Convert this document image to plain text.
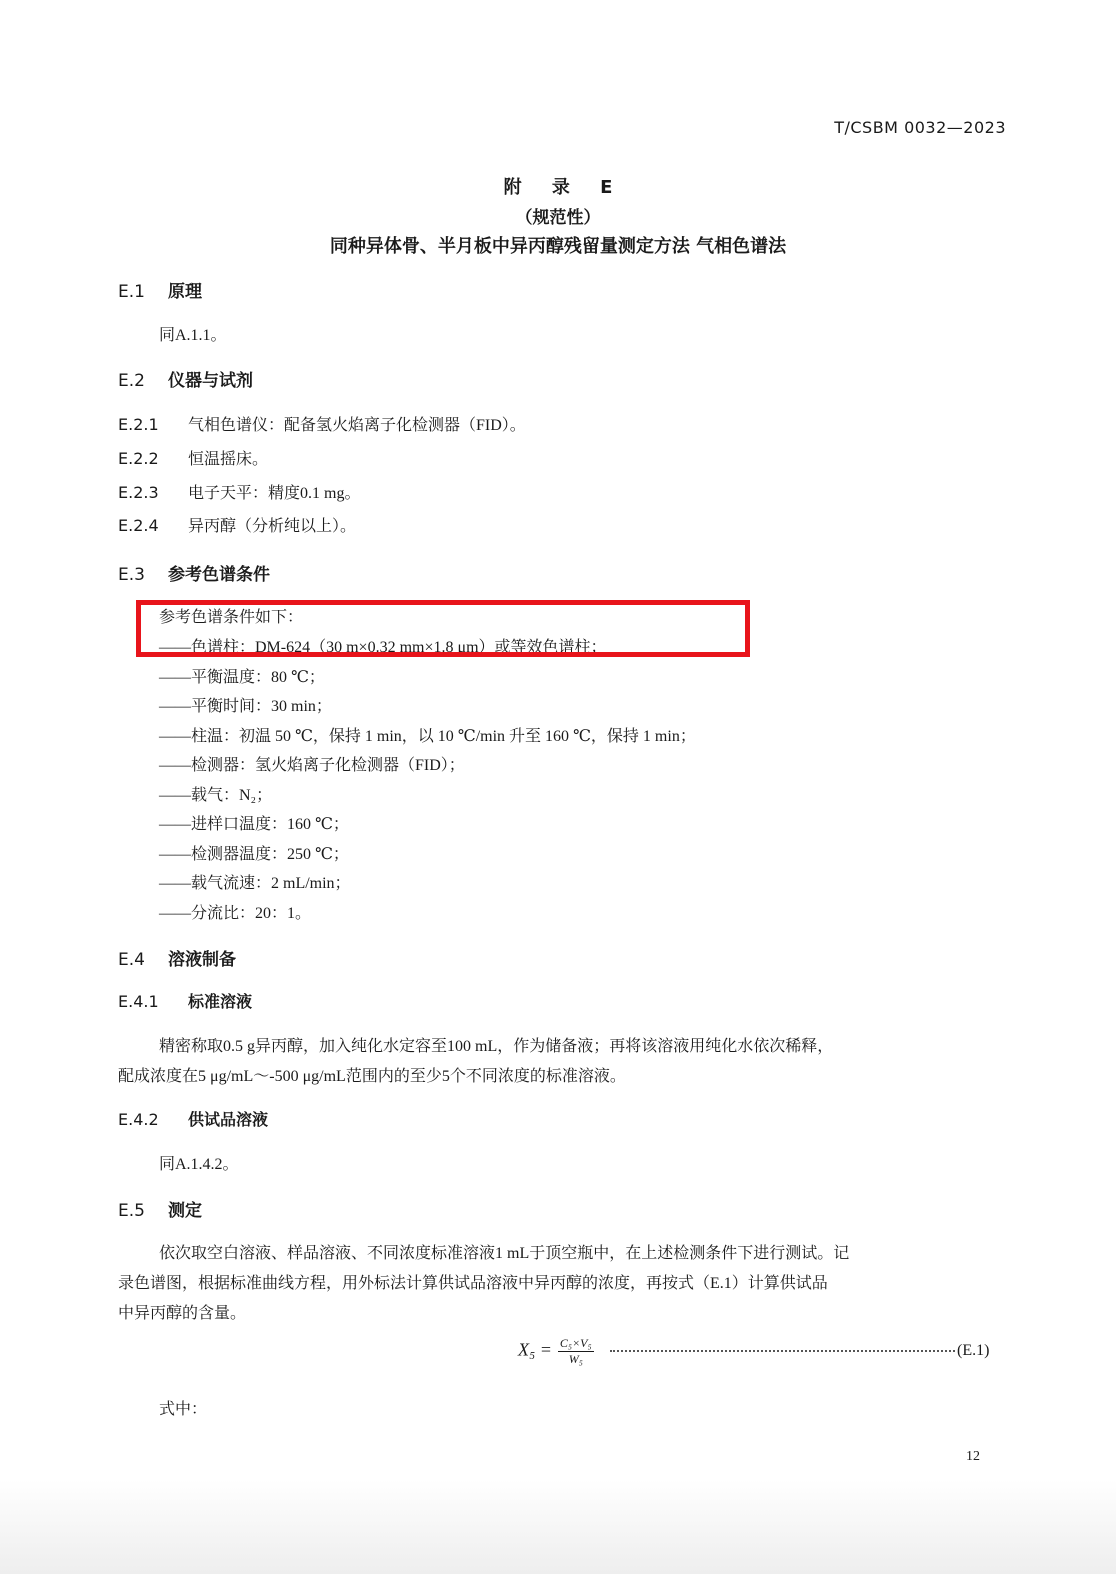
T/CSBM 0032—2023
附 录 E
（规范性）
同种异体骨、半月板中异丙醇残留量测定方法 气相色谱法
E.1 原理
同A.1.1。
E.2 仪器与试剂
E.2.1 气相色谱仪：配备氢火焰离子化检测器（FID）。
E.2.2 恒温摇床。
E.2.3 电子天平：精度0.1 mg。
E.2.4 异丙醇（分析纯以上）。
E.3 参考色谱条件
参考色谱条件如下：
——色谱柱：DM-624（30 m×0.32 mm×1.8 μm）或等效色谱柱；
——平衡温度：80 ℃；
——平衡时间：30 min；
——柱温：初温 50 ℃，保持 1 min，以 10 ℃/min 升至 160 ℃，保持 1 min；
——检测器：氢火焰离子化检测器（FID）；
——载气：N₂；
——进样口温度：160 ℃；
——检测器温度：250 ℃；
——载气流速：2 mL/min；
——分流比：20：1。
E.4 溶液制备
E.4.1 标准溶液
精密称取0.5 g异丙醇，加入纯化水定容至100 mL，作为储备液；再将该溶液用纯化水依次稀释，
配成浓度在5 μg/mL～-500 μg/mL范围内的至少5个不同浓度的标准溶液。
E.4.2 供试品溶液
同A.1.4.2。
E.5 测定
依次取空白溶液、样品溶液、不同浓度标准溶液1 mL于顶空瓶中，在上述检测条件下进行测试。记
录色谱图，根据标准曲线方程，用外标法计算供试品溶液中异丙醇的浓度，再按式（E.1）计算供试品
中异丙醇的含量。
$X_5 = \frac{\text{C₅×V₅}}{\text{W₅}}$	(E.1)
式中：
12
